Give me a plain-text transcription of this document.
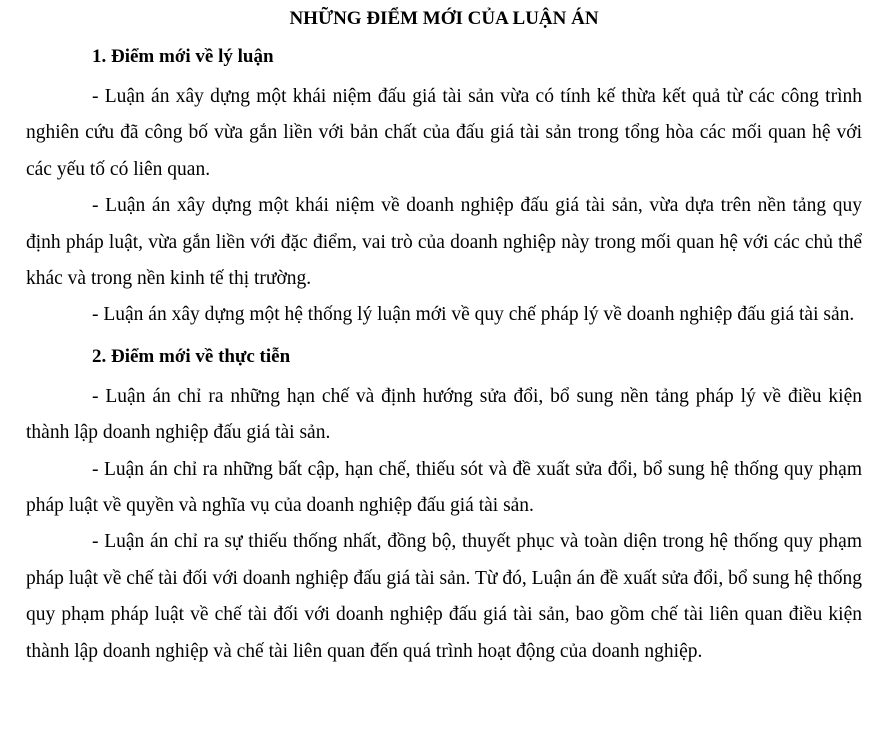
NHỮNG ĐIỂM MỚI CỦA LUẬN ÁN
1. Điểm mới về lý luận

- Luận án xây dựng một khái niệm đấu giá tài sản vừa có tính kế thừa kết quả từ các công trình nghiên cứu đã công bố vừa gắn liền với bản chất của đấu giá tài sản trong tổng hòa các mối quan hệ với các yếu tố có liên quan.

- Luận án xây dựng một khái niệm về doanh nghiệp đấu giá tài sản, vừa dựa trên nền tảng quy định pháp luật, vừa gắn liền với đặc điểm, vai trò của doanh nghiệp này trong mối quan hệ với các chủ thể khác và trong nền kinh tế thị trường.

- Luận án xây dựng một hệ thống lý luận mới về quy chế pháp lý về doanh nghiệp đấu giá tài sản.

2. Điểm mới về thực tiễn

- Luận án chỉ ra những hạn chế và định hướng sửa đổi, bổ sung nền tảng pháp lý về điều kiện thành lập doanh nghiệp đấu giá tài sản.

- Luận án chỉ ra những bất cập, hạn chế, thiếu sót và đề xuất sửa đổi, bổ sung hệ thống quy phạm pháp luật về quyền và nghĩa vụ của doanh nghiệp đấu giá tài sản.

- Luận án chỉ ra sự thiếu thống nhất, đồng bộ, thuyết phục và toàn diện trong hệ thống quy phạm pháp luật về chế tài đối với doanh nghiệp đấu giá tài sản. Từ đó, Luận án đề xuất sửa đổi, bổ sung hệ thống quy phạm pháp luật về chế tài đối với doanh nghiệp đấu giá tài sản, bao gồm chế tài liên quan điều kiện thành lập doanh nghiệp và chế tài liên quan đến quá trình hoạt động của doanh nghiệp.
